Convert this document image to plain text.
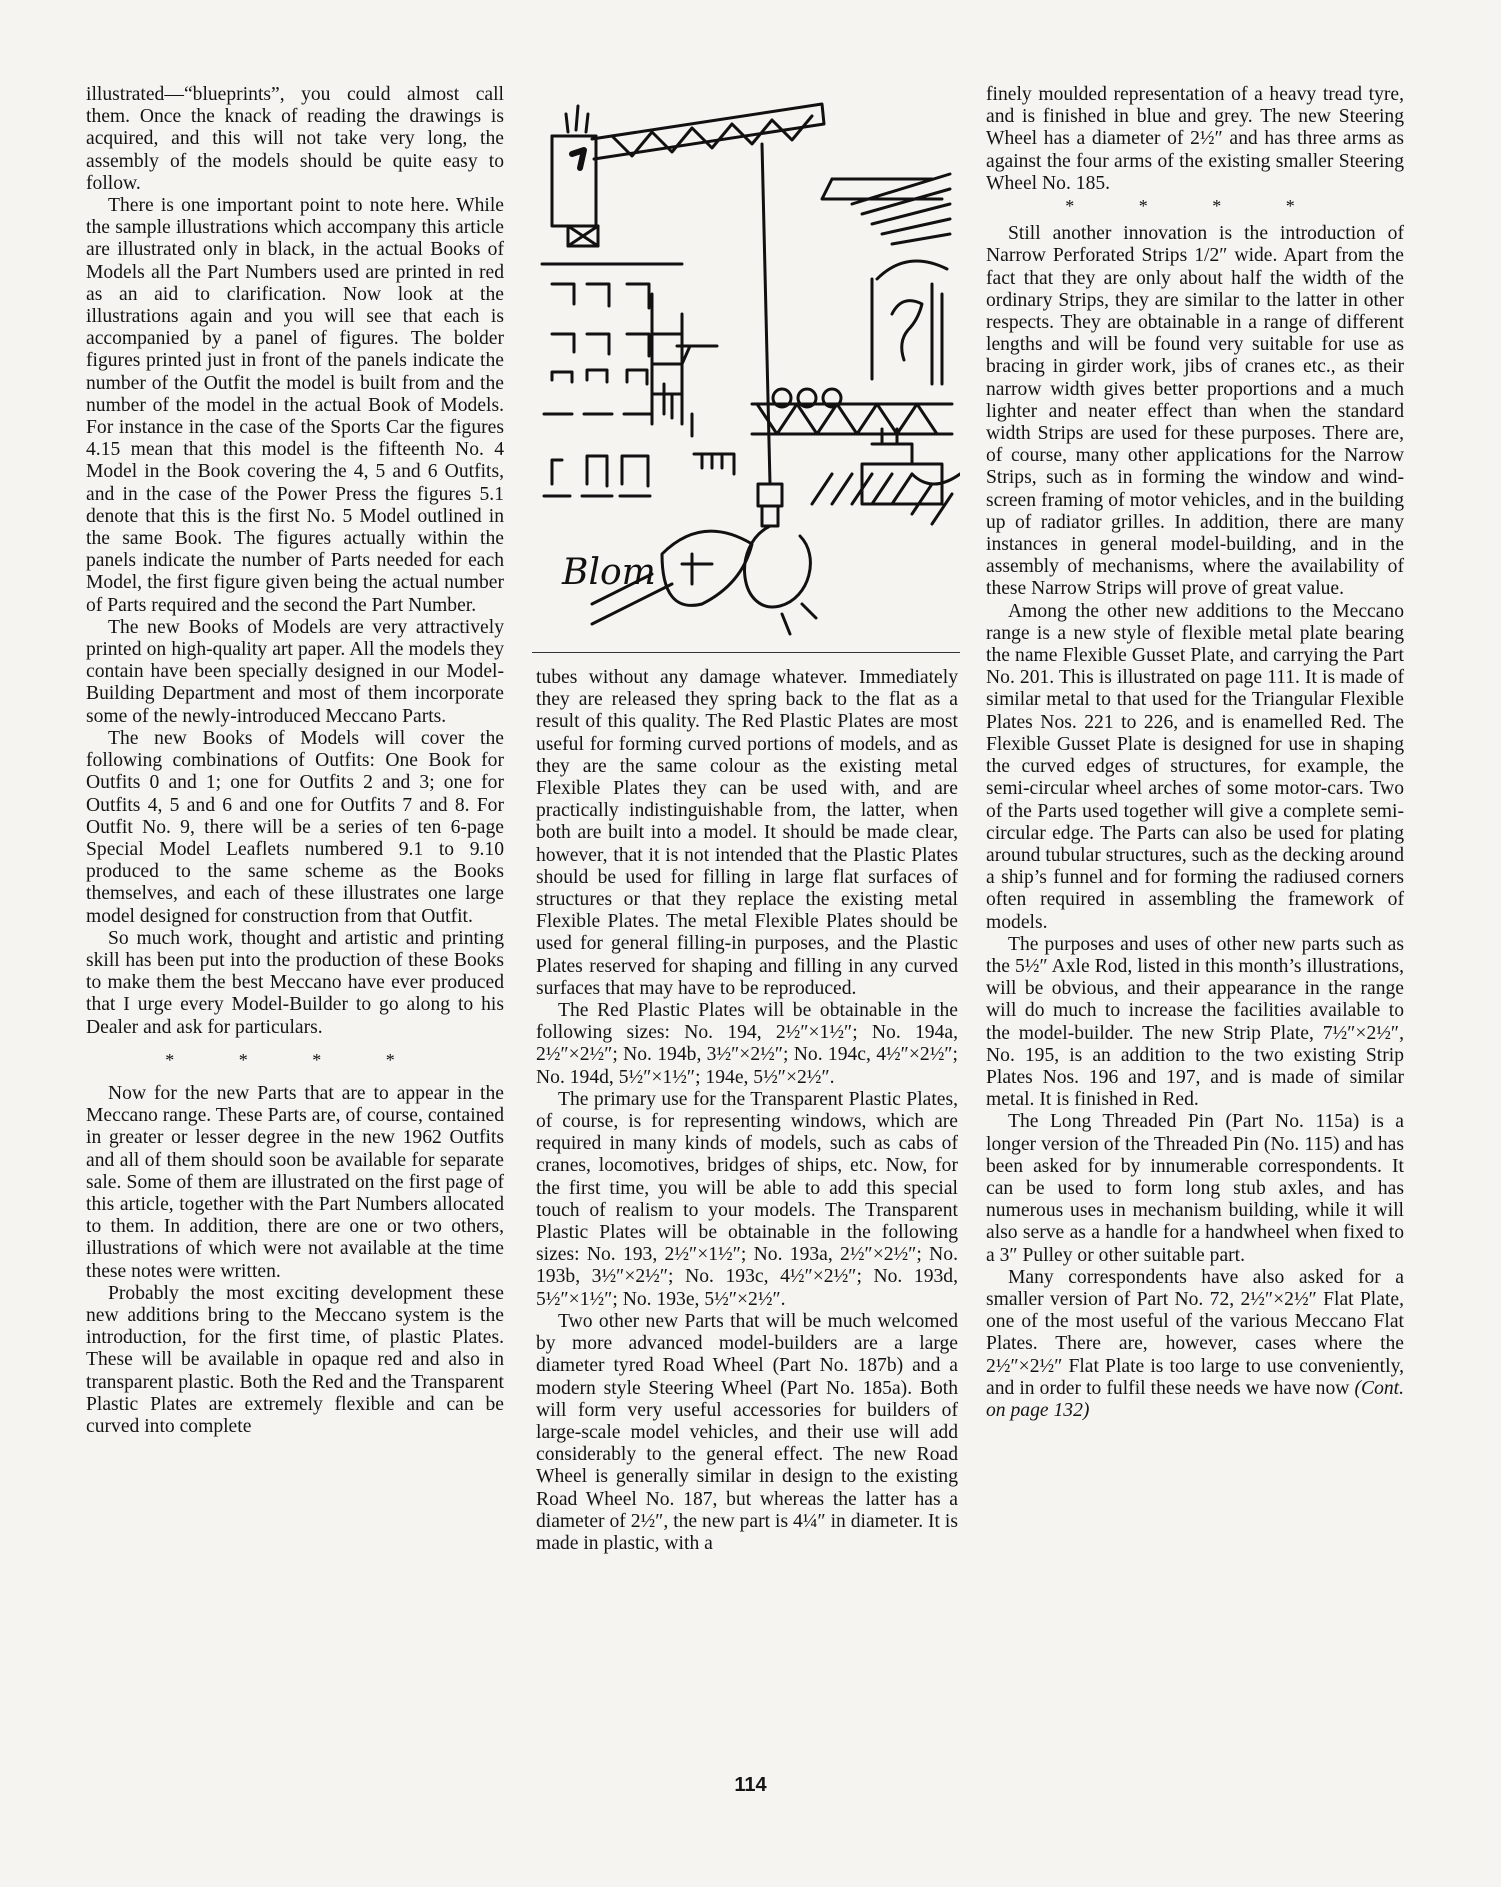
illustrated—“blueprints”, you could almost call them. Once the knack of reading the drawings is acquired, and this will not take very long, the assembly of the models should be quite easy to follow.

There is one important point to note here. While the sample illustrations which accompany this article are illustrated only in black, in the actual Books of Models all the Part Numbers used are printed in red as an aid to clarification. Now look at the illustrations again and you will see that each is accompanied by a panel of figures. The bolder figures printed just in front of the panels indicate the number of the Outfit the model is built from and the number of the model in the actual Book of Models. For instance in the case of the Sports Car the figures 4.15 mean that this model is the fifteenth No. 4 Model in the Book covering the 4, 5 and 6 Outfits, and in the case of the Power Press the figures 5.1 denote that this is the first No. 5 Model outlined in the same Book. The figures actually within the panels indicate the number of Parts needed for each Model, the first figure given being the actual number of Parts required and the second the Part Number.

The new Books of Models are very attractively printed on high-quality art paper. All the models they contain have been specially designed in our Model-Building Department and most of them incorporate some of the newly-introduced Meccano Parts.

The new Books of Models will cover the following combinations of Outfits: One Book for Outfits 0 and 1; one for Outfits 2 and 3; one for Outfits 4, 5 and 6 and one for Outfits 7 and 8. For Outfit No. 9, there will be a series of ten 6-page Special Model Leaflets numbered 9.1 to 9.10 produced to the same scheme as the Books themselves, and each of these illustrates one large model designed for construction from that Outfit.

So much work, thought and artistic and printing skill has been put into the production of these Books to make them the best Meccano have ever produced that I urge every Model-Builder to go along to his Dealer and ask for particulars.

* * * *

Now for the new Parts that are to appear in the Meccano range. These Parts are, of course, contained in greater or lesser degree in the new 1962 Outfits and all of them should soon be available for separate sale. Some of them are illustrated on the first page of this article, together with the Part Numbers allocated to them. In addition, there are one or two others, illustrations of which were not available at the time these notes were written.

Probably the most exciting development these new additions bring to the Meccano system is the introduction, for the first time, of plastic Plates. These will be available in opaque red and also in transparent plastic. Both the Red and the Transparent Plastic Plates are extremely flexible and can be curved into complete

Blom

tubes without any damage whatever. Immediately they are released they spring back to the flat as a result of this quality. The Red Plastic Plates are most useful for forming curved portions of models, and as they are the same colour as the existing metal Flexible Plates they can be used with, and are practically indistinguishable from, the latter, when both are built into a model. It should be made clear, however, that it is not intended that the Plastic Plates should be used for filling in large flat surfaces of structures or that they replace the existing metal Flexible Plates. The metal Flexible Plates should be used for general filling-in purposes, and the Plastic Plates reserved for shaping and filling in any curved surfaces that may have to be reproduced.

The Red Plastic Plates will be obtainable in the following sizes: No. 194, 2½″×1½″; No. 194a, 2½″×2½″; No. 194b, 3½″×2½″; No. 194c, 4½″×2½″; No. 194d, 5½″×1½″; 194e, 5½″×2½″.

The primary use for the Transparent Plastic Plates, of course, is for representing windows, which are required in many kinds of models, such as cabs of cranes, locomotives, bridges of ships, etc. Now, for the first time, you will be able to add this special touch of realism to your models. The Transparent Plastic Plates will be obtainable in the following sizes: No. 193, 2½″×1½″; No. 193a, 2½″×2½″; No. 193b, 3½″×2½″; No. 193c, 4½″×2½″; No. 193d, 5½″×1½″; No. 193e, 5½″×2½″.

Two other new Parts that will be much welcomed by more advanced model-builders are a large diameter tyred Road Wheel (Part No. 187b) and a modern style Steering Wheel (Part No. 185a). Both will form very useful accessories for builders of large-scale model vehicles, and their use will add considerably to the general effect. The new Road Wheel is generally similar in design to the existing Road Wheel No. 187, but whereas the latter has a diameter of 2½″, the new part is 4¼″ in diameter. It is made in plastic, with a

finely moulded representation of a heavy tread tyre, and is finished in blue and grey. The new Steering Wheel has a diameter of 2½″ and has three arms as against the four arms of the existing smaller Steering Wheel No. 185.

* * * *

Still another innovation is the introduction of Narrow Perforated Strips 1/2″ wide. Apart from the fact that they are only about half the width of the ordinary Strips, they are similar to the latter in other respects. They are obtainable in a range of different lengths and will be found very suitable for use as bracing in girder work, jibs of cranes etc., as their narrow width gives better proportions and a much lighter and neater effect than when the standard width Strips are used for these purposes. There are, of course, many other applications for the Narrow Strips, such as in forming the window and windscreen framing of motor vehicles, and in the building up of radiator grilles. In addition, there are many instances in general model-building, and in the assembly of mechanisms, where the availability of these Narrow Strips will prove of great value.

Among the other new additions to the Meccano range is a new style of flexible metal plate bearing the name Flexible Gusset Plate, and carrying the Part No. 201. This is illustrated on page 111. It is made of similar metal to that used for the Triangular Flexible Plates Nos. 221 to 226, and is enamelled Red. The Flexible Gusset Plate is designed for use in shaping the curved edges of structures, for example, the semi-circular wheel arches of some motor-cars. Two of the Parts used together will give a complete semi-circular edge. The Parts can also be used for plating around tubular structures, such as the decking around a ship’s funnel and for forming the radiused corners often required in assembling the framework of models.

The purposes and uses of other new parts such as the 5½″ Axle Rod, listed in this month’s illustrations, will be obvious, and their appearance in the range will do much to increase the facilities available to the model-builder. The new Strip Plate, 7½″×2½″, No. 195, is an addition to the two existing Strip Plates Nos. 196 and 197, and is made of similar metal. It is finished in Red.

The Long Threaded Pin (Part No. 115a) is a longer version of the Threaded Pin (No. 115) and has been asked for by innumerable correspondents. It can be used to form long stub axles, and has numerous uses in mechanism building, while it will also serve as a handle for a handwheel when fixed to a 3″ Pulley or other suitable part.

Many correspondents have also asked for a smaller version of Part No. 72, 2½″×2½″ Flat Plate, one of the most useful of the various Meccano Flat Plates. There are, however, cases where the 2½″×2½″ Flat Plate is too large to use conveniently, and in order to fulfil these needs we have now (Cont. on page 132)

114
